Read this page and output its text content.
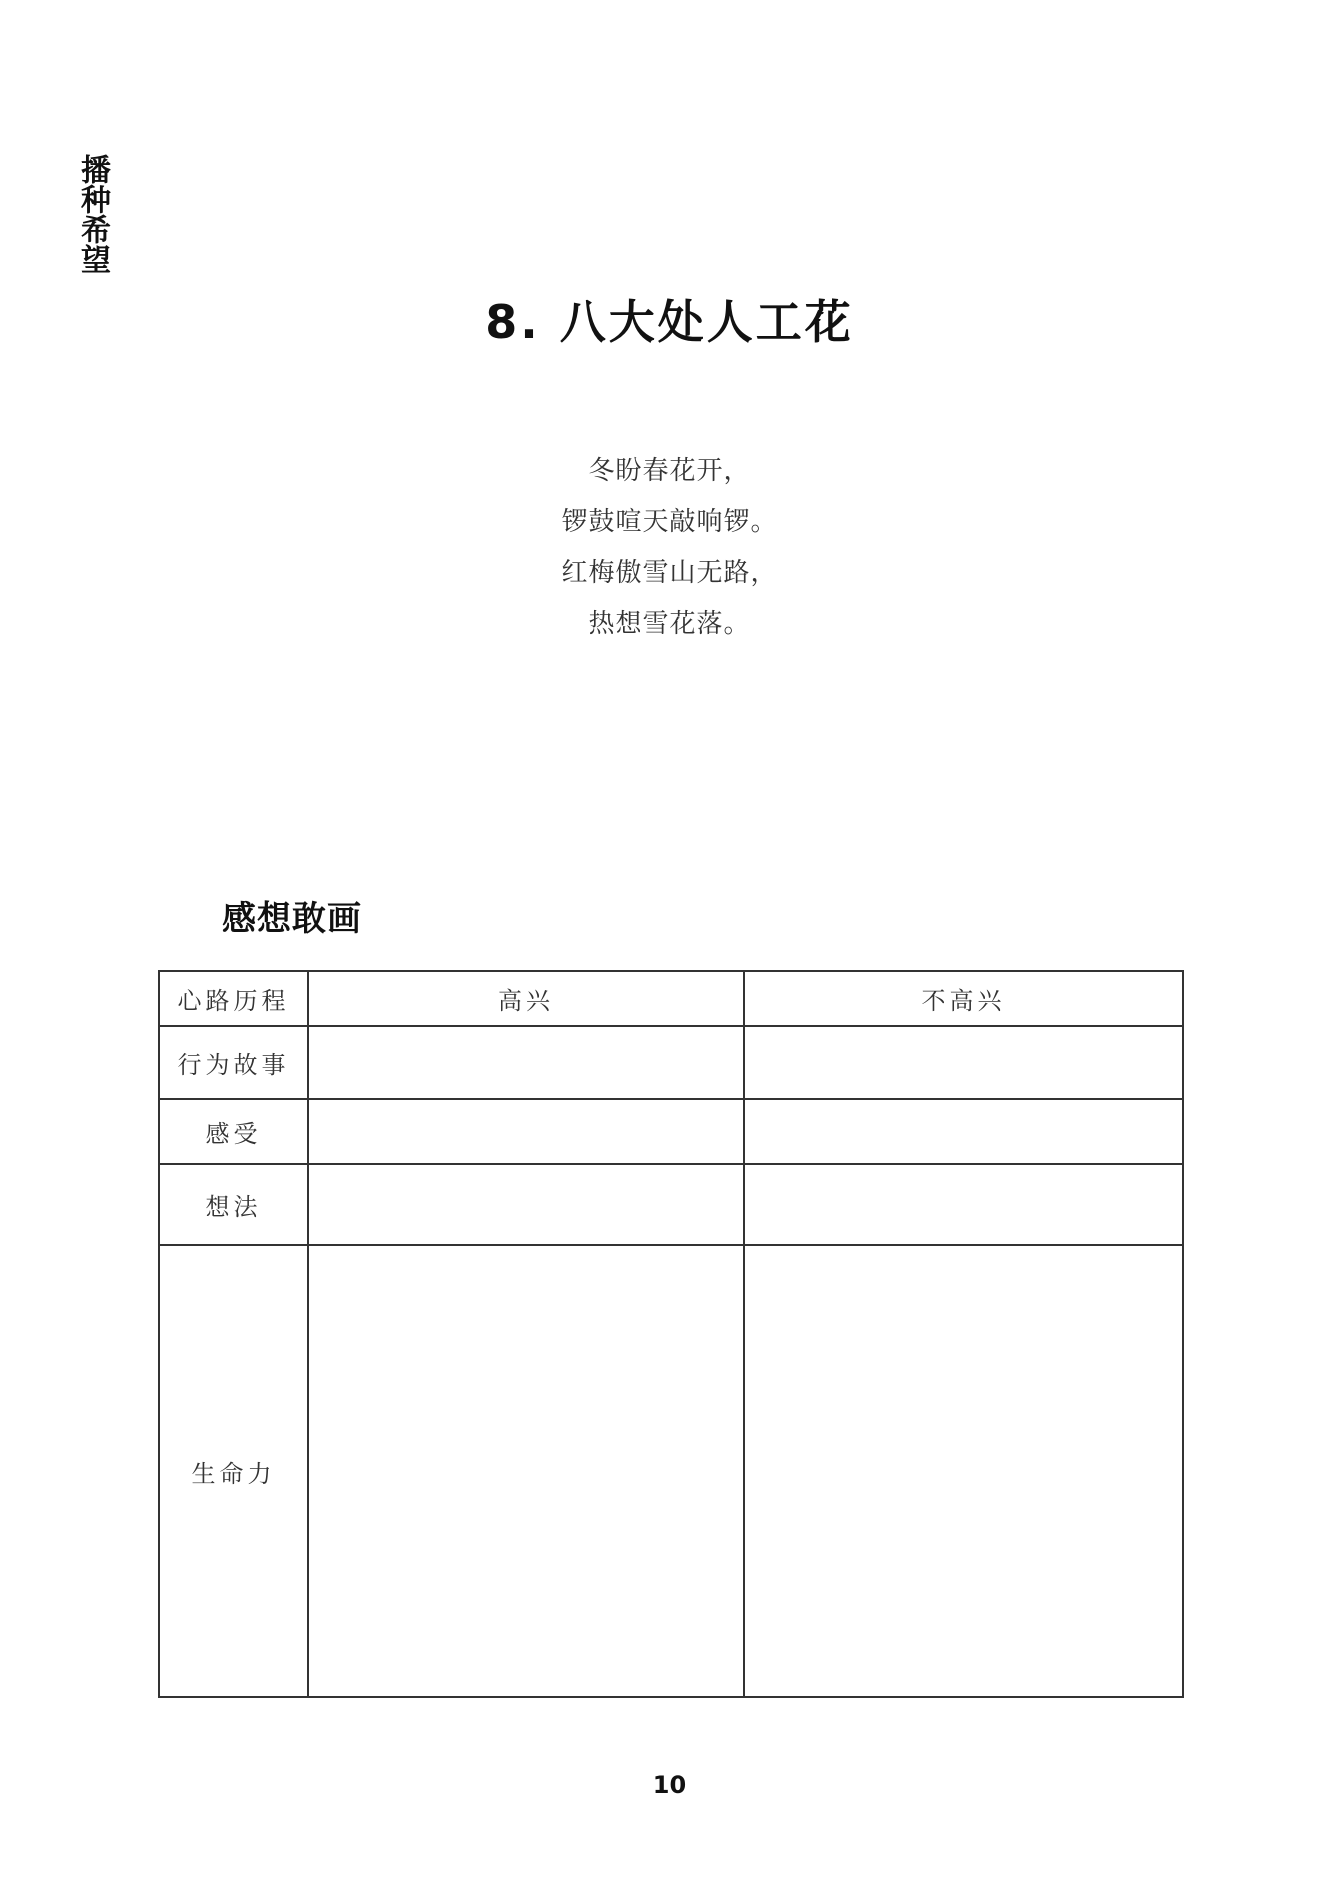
播种希望
8. 八大处人工花
冬盼春花开，
锣鼓喧天敲响锣。
红梅傲雪山无路，
热想雪花落。
感想敢画
心路历程	高兴	不高兴
行为故事		
感受		
想法		
生命力		
10
